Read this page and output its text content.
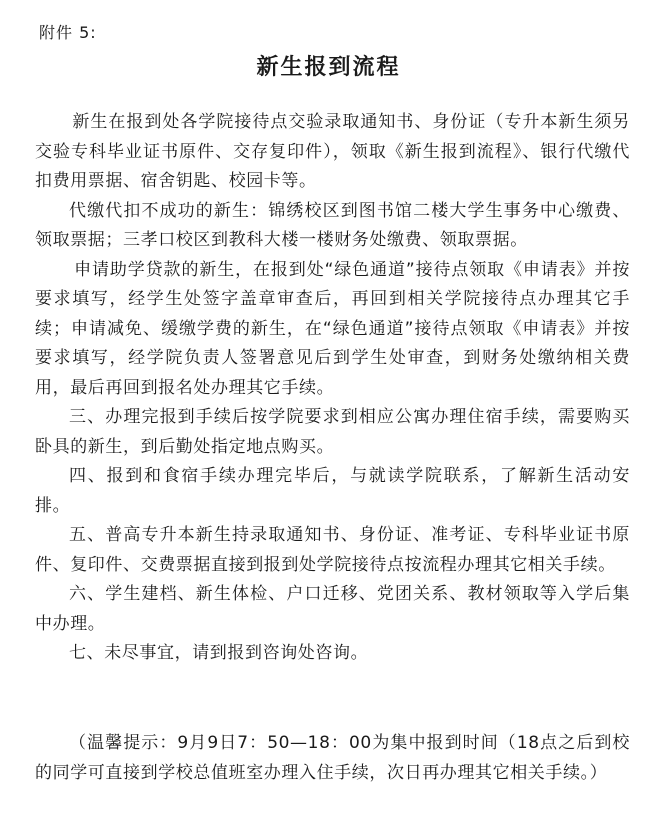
附件 5:
新生报到流程

新生在报到处各学院接待点交验录取通知书、身份证（专升本新生须另交验专科毕业证书原件、交存复印件），领取《新生报到流程》、银行代缴代扣费用票据、宿舍钥匙、校园卡等。

代缴代扣不成功的新生：锦绣校区到图书馆二楼大学生事务中心缴费、领取票据；三孝口校区到教科大楼一楼财务处缴费、领取票据。

申请助学贷款的新生，在报到处“绿色通道”接待点领取《申请表》并按要求填写，经学生处签字盖章审查后，再回到相关学院接待点办理其它手续；申请减免、缓缴学费的新生，在“绿色通道”接待点领取《申请表》并按要求填写，经学院负责人签署意见后到学生处审查，到财务处缴纳相关费用，最后再回到报名处办理其它手续。

三、办理完报到手续后按学院要求到相应公寓办理住宿手续，需要购买卧具的新生，到后勤处指定地点购买。

四、报到和食宿手续办理完毕后，与就读学院联系，了解新生活动安排。

五、普高专升本新生持录取通知书、身份证、准考证、专科毕业证书原件、复印件、交费票据直接到报到处学院接待点按流程办理其它相关手续。

六、学生建档、新生体检、户口迁移、党团关系、教材领取等入学后集中办理。

七、未尽事宜，请到报到咨询处咨询。

（温馨提示：9月9日7：50—18：00为集中报到时间（18点之后到校的同学可直接到学校总值班室办理入住手续，次日再办理其它相关手续。）
